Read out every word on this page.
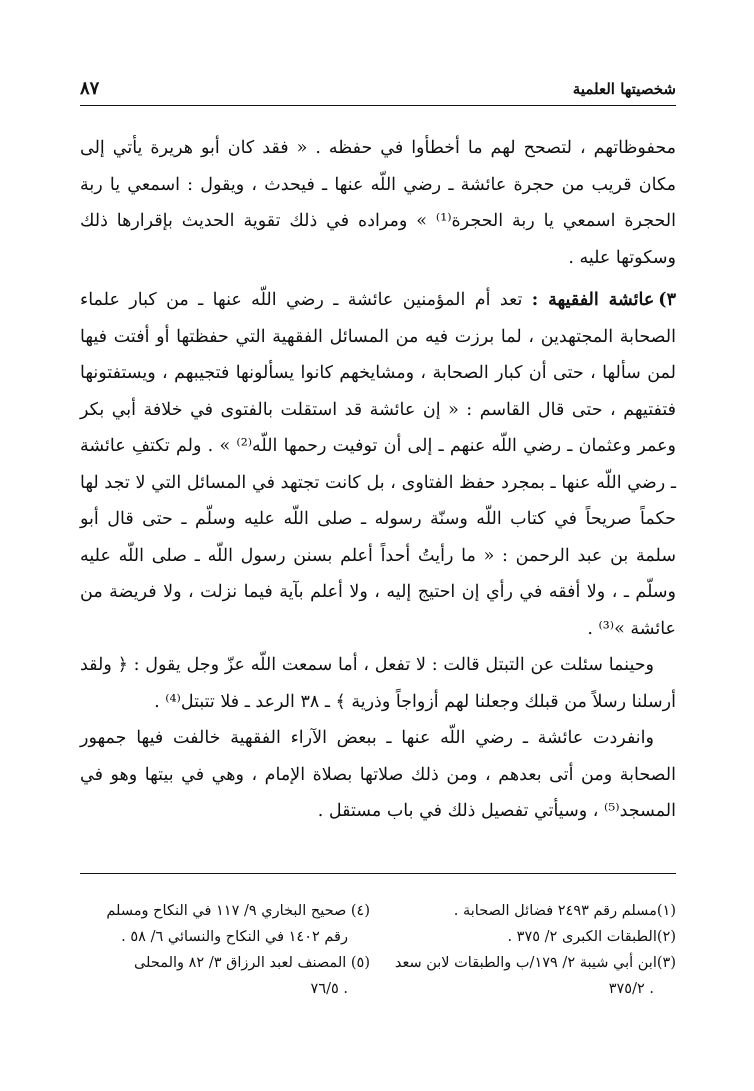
شخصيتها العلمية
٨٧

محفوظاتهم ، لتصحح لهم ما أخطأوا في حفظه . « فقد كان أبو هريرة يأتي إلى مكان قريب من حجرة عائشة ـ رضي اللّه عنها ـ فيحدث ، ويقول : اسمعي يا ربة الحجرة اسمعي يا ربة الحجرة⁽¹⁾ » ومراده في ذلك تقوية الحديث بإقرارها ذلك وسكوتها عليه .

٣)عائشة الفقيهة : تعد أم المؤمنين عائشة ـ رضي اللّه عنها ـ من كبار علماء الصحابة المجتهدين ، لما برزت فيه من المسائل الفقهية التي حفظتها أو أفتت فيها لمن سألها ، حتى أن كبار الصحابة ، ومشايخهم كانوا يسألونها فتجيبهم ، ويستفتونها فتفتيهم ، حتى قال القاسم : « إن عائشة قد استقلت بالفتوى في خلافة أبي بكر وعمر وعثمان ـ رضي اللّه عنهم ـ إلى أن توفيت رحمها اللّه⁽²⁾ » . ولم تكتفِ عائشة ـ رضي اللّه عنها ـ بمجرد حفظ الفتاوى ، بل كانت تجتهد في المسائل التي لا تجد لها حكماً صريحاً في كتاب اللّه وسنّة رسوله ـ صلى اللّه عليه وسلّم ـ حتى قال أبو سلمة بن عبد الرحمن : « ما رأيتُ أحداً أعلم بسنن رسول اللّه ـ صلى اللّه عليه وسلّم ـ ، ولا أفقه في رأي إن احتيج إليه ، ولا أعلم بآية فيما نزلت ، ولا فريضة من عائشة »⁽³⁾ .

وحينما سئلت عن التبتل قالت : لا تفعل ، أما سمعت اللّه عزّ وجل يقول : ﴿ ولقد أرسلنا رسلاً من قبلك وجعلنا لهم أزواجاً وذرية ﴾ ـ ٣٨ الرعد ـ فلا تتبتل⁽⁴⁾ .

وانفردت عائشة ـ رضي اللّه عنها ـ ببعض الآراء الفقهية خالفت فيها جمهور الصحابة ومن أتى بعدهم ، ومن ذلك صلاتها بصلاة الإمام ، وهي في بيتها وهو في المسجد⁽⁵⁾ ، وسيأتي تفصيل ذلك في باب مستقل .

(١)مسلم رقم ٢٤٩٣ فضائل الصحابة .
(٢)الطبقات الكبرى ٢/ ٣٧٥ .
(٣)ابن أبي شيبة ٢/ ١٧٩/ب والطبقات لابن سعد
. ٣٧٥/٢
(٤) صحيح البخاري ٩/ ١١٧ في النكاح ومسلم
رقم ١٤٠٢ في النكاح والنسائي ٦/ ٥٨ .
(٥) المصنف لعبد الرزاق ٣/ ٨٢ والمحلى
. ٧٦/٥
